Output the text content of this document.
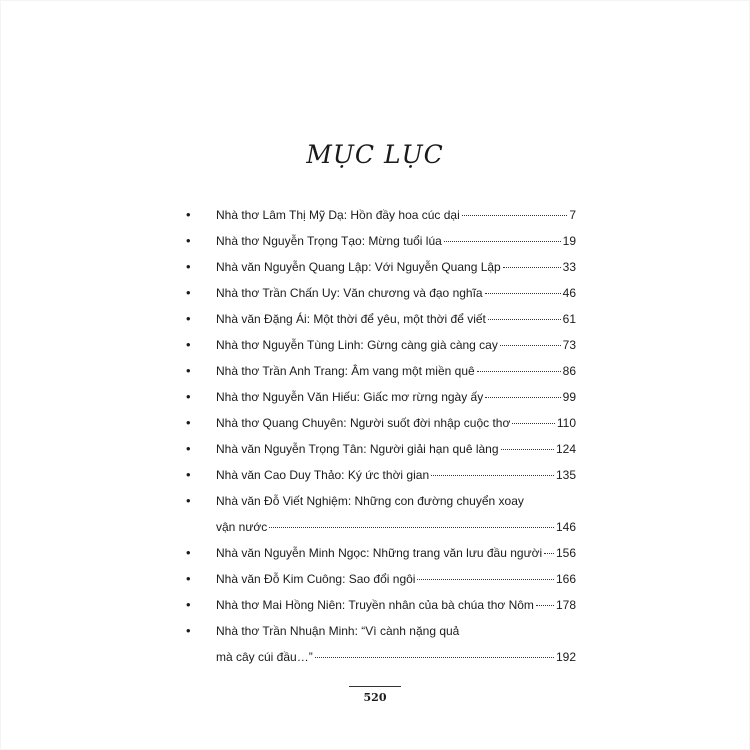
MỤC LỤC
• Nhà thơ Lâm Thị Mỹ Dạ: Hồn đầy hoa cúc dại	7
• Nhà thơ Nguyễn Trọng Tạo: Mừng tuổi lúa	19
• Nhà văn Nguyễn Quang Lập: Với Nguyễn Quang Lập	33
• Nhà thơ Trần Chấn Uy: Văn chương và đạo nghĩa	46
• Nhà văn Đặng Ái: Một thời để yêu, một thời để viết	61
• Nhà thơ Nguyễn Tùng Linh: Gừng càng già càng cay	73
• Nhà thơ Trần Anh Trang: Âm vang một miền quê	86
• Nhà thơ Nguyễn Văn Hiếu: Giấc mơ rừng ngày ấy	99
• Nhà thơ Quang Chuyên: Người suốt đời nhập cuộc thơ	110
• Nhà văn Nguyễn Trọng Tân: Người giải hạn quê làng	124
• Nhà văn Cao Duy Thảo: Ký ức thời gian	135
• Nhà văn Đỗ Viết Nghiệm: Những con đường chuyển xoay
vận nước	146
• Nhà văn Nguyễn Minh Ngọc: Những trang văn lưu đầu người 156
• Nhà văn Đỗ Kim Cuông: Sao đổi ngôi	166
• Nhà thơ Mai Hồng Niên: Truyền nhân của bà chúa thơ Nôm 178
• Nhà thơ Trần Nhuận Minh: “Vì cành nặng quả
mà cây cúi đầu…”	192
520
